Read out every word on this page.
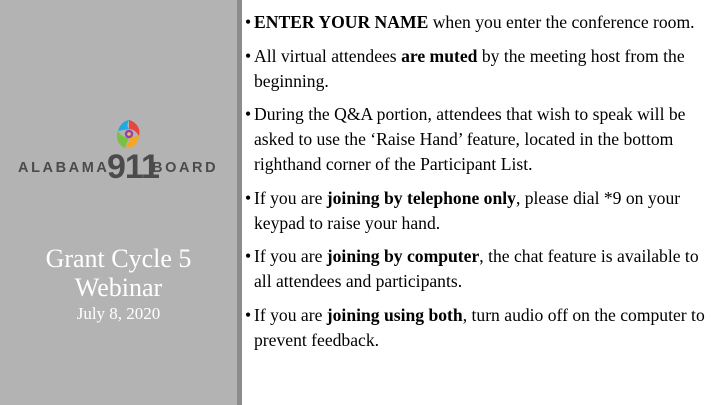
ALABAMA
911
BOARD
Grant Cycle 5
Webinar
July 8, 2020
• ENTER YOUR NAME when you enter the conference room.
• All virtual attendees are muted by the meeting host from the beginning.
• During the Q&A portion, attendees that wish to speak will be asked to use the ‘Raise Hand’ feature, located in the bottom righthand corner of the Participant List.
• If you are joining by telephone only, please dial *9 on your keypad to raise your hand.
• If you are joining by computer, the chat feature is available to all attendees and participants.
• If you are joining using both, turn audio off on the computer to prevent feedback.
